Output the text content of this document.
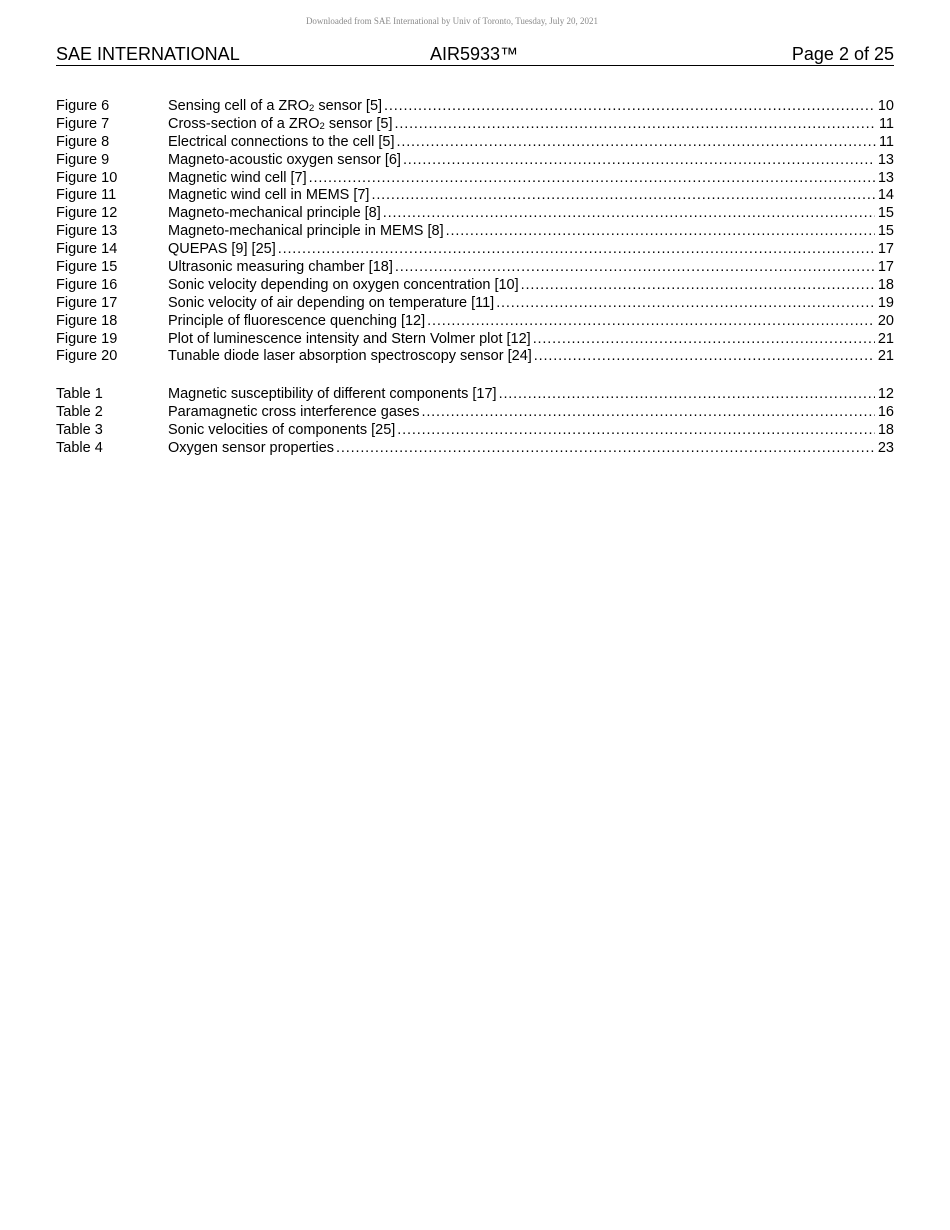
Downloaded from SAE International by Univ of Toronto, Tuesday, July 20, 2021
SAE INTERNATIONAL	AIR5933™	Page 2 of 25
Figure 6	Sensing cell of a $ZRO_2$ sensor [5] . . .	10
Figure 7	Cross-section of a $ZRO_2$ sensor [5] . . .	11
Figure 8	Electrical connections to the cell [5] . . .	11
Figure 9	Magneto-acoustic oxygen sensor [6] . . .	13
Figure 10	Magnetic wind cell [7] . . .	13
Figure 11	Magnetic wind cell in MEMS [7] . . .	14
Figure 12	Magneto-mechanical principle [8] . . .	15
Figure 13	Magneto-mechanical principle in MEMS [8] . . .	15
Figure 14	QUEPAS [9] [25] . . .	17
Figure 15	Ultrasonic measuring chamber [18] . . .	17
Figure 16	Sonic velocity depending on oxygen concentration [10] . . .	18
Figure 17	Sonic velocity of air depending on temperature [11] . . .	19
Figure 18	Principle of fluorescence quenching [12] . . .	20
Figure 19	Plot of luminescence intensity and Stern Volmer plot [12] . . .	21
Figure 20	Tunable diode laser absorption spectroscopy sensor [24] . . .	21
Table 1	Magnetic susceptibility of different components [17] . . .	12
Table 2	Paramagnetic cross interference gases . . .	16
Table 3	Sonic velocities of components [25] . . .	18
Table 4	Oxygen sensor properties . . .	23
